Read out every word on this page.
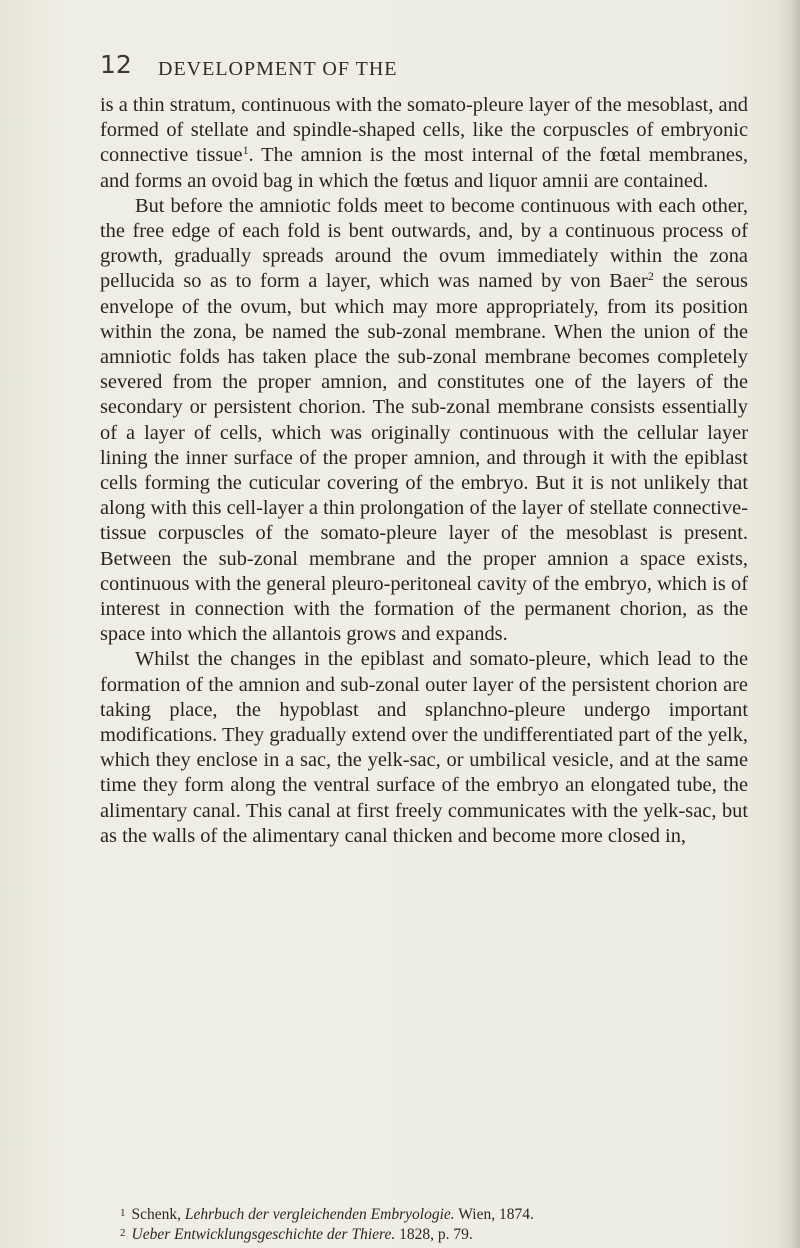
12 DEVELOPMENT OF THE

is a thin stratum, continuous with the somato-pleure layer of the mesoblast, and formed of stellate and spindle-shaped cells, like the corpuscles of embryonic connective tissue$^1$. The amnion is the most internal of the fœtal membranes, and forms an ovoid bag in which the fœtus and liquor amnii are contained.

But before the amniotic folds meet to become continuous with each other, the free edge of each fold is bent outwards, and, by a continuous process of growth, gradually spreads around the ovum immediately within the zona pellucida so as to form a layer, which was named by von Baer$^2$ the serous envelope of the ovum, but which may more appropriately, from its position within the zona, be named the sub-zonal membrane. When the union of the amniotic folds has taken place the sub-zonal membrane becomes completely severed from the proper amnion, and constitutes one of the layers of the secondary or persistent chorion. The sub-zonal membrane consists essentially of a layer of cells, which was originally continuous with the cellular layer lining the inner surface of the proper amnion, and through it with the epiblast cells forming the cuticular covering of the embryo. But it is not unlikely that along with this cell-layer a thin prolongation of the layer of stellate connective-tissue corpuscles of the somato-pleure layer of the mesoblast is present. Between the sub-zonal membrane and the proper amnion a space exists, continuous with the general pleuro-peritoneal cavity of the embryo, which is of interest in connection with the formation of the permanent chorion, as the space into which the allantois grows and expands.

Whilst the changes in the epiblast and somato-pleure, which lead to the formation of the amnion and sub-zonal outer layer of the persistent chorion are taking place, the hypoblast and splanchno-pleure undergo important modifications. They gradually extend over the undifferentiated part of the yelk, which they enclose in a sac, the yelk-sac, or umbilical vesicle, and at the same time they form along the ventral surface of the embryo an elongated tube, the alimentary canal. This canal at first freely communicates with the yelk-sac, but as the walls of the alimentary canal thicken and become more closed in,

1 Schenk, Lehrbuch der vergleichenden Embryologie. Wien, 1874.

2 Ueber Entwicklungsgeschichte der Thiere. 1828, p. 79.
